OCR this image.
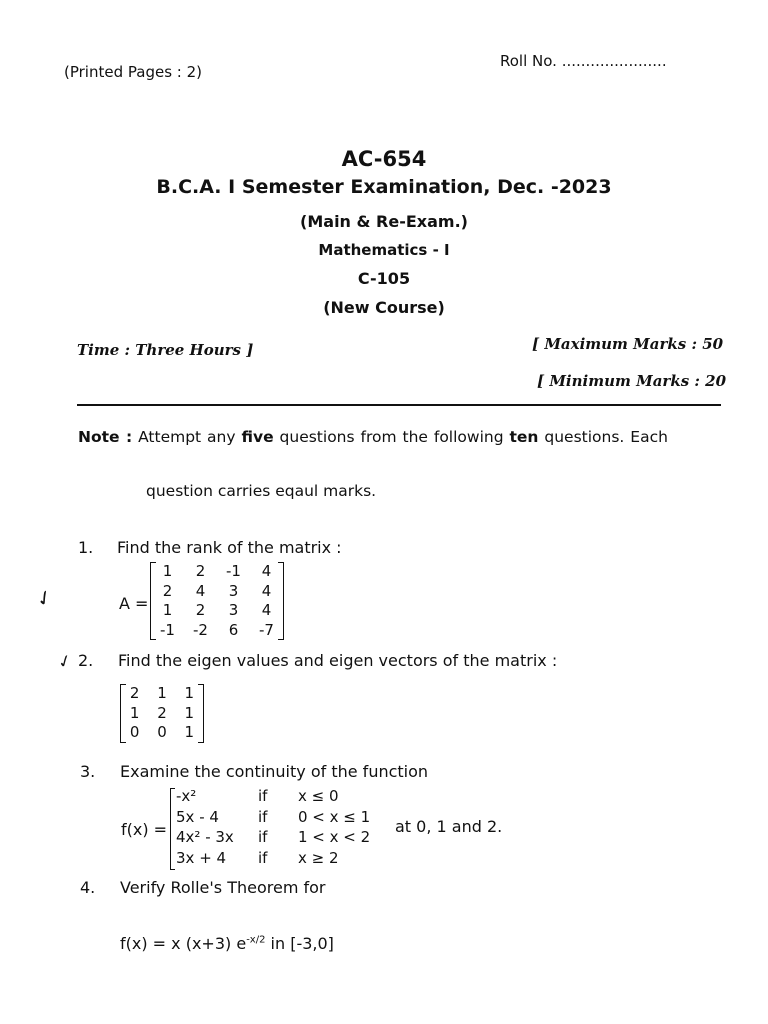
(Printed Pages : 2)
Roll No. ......................
AC-654
B.C.A. I Semester Examination, Dec. -2023
(Main & Re-Exam.)
Mathematics - I
C-105
(New Course)
Time : Three Hours ]	[ Maximum Marks : 50
[ Minimum Marks : 20
Note : Attempt any five questions from the following ten questions. Each
question carries eqaul marks.
1. Find the rank of the matrix :
✓	A =
1	2	-1	4
2	4	3	4
1	2	3	4
-1	-2	6	-7
✓ 2. Find the eigen values and eigen vectors of the matrix :
2	1	1
1	2	1
0	0	1
3. Examine the continuity of the function
f(x) =
-x²	if	x ≤ 0
5x - 4	if	0 < x ≤ 1
4x² - 3x	if	1 < x < 2
3x + 4	if	x ≥ 2
at 0, 1 and 2.
4. Verify Rolle's Theorem for
f(x) = x (x+3) $e^{-x/2}$ in [-3,0]
